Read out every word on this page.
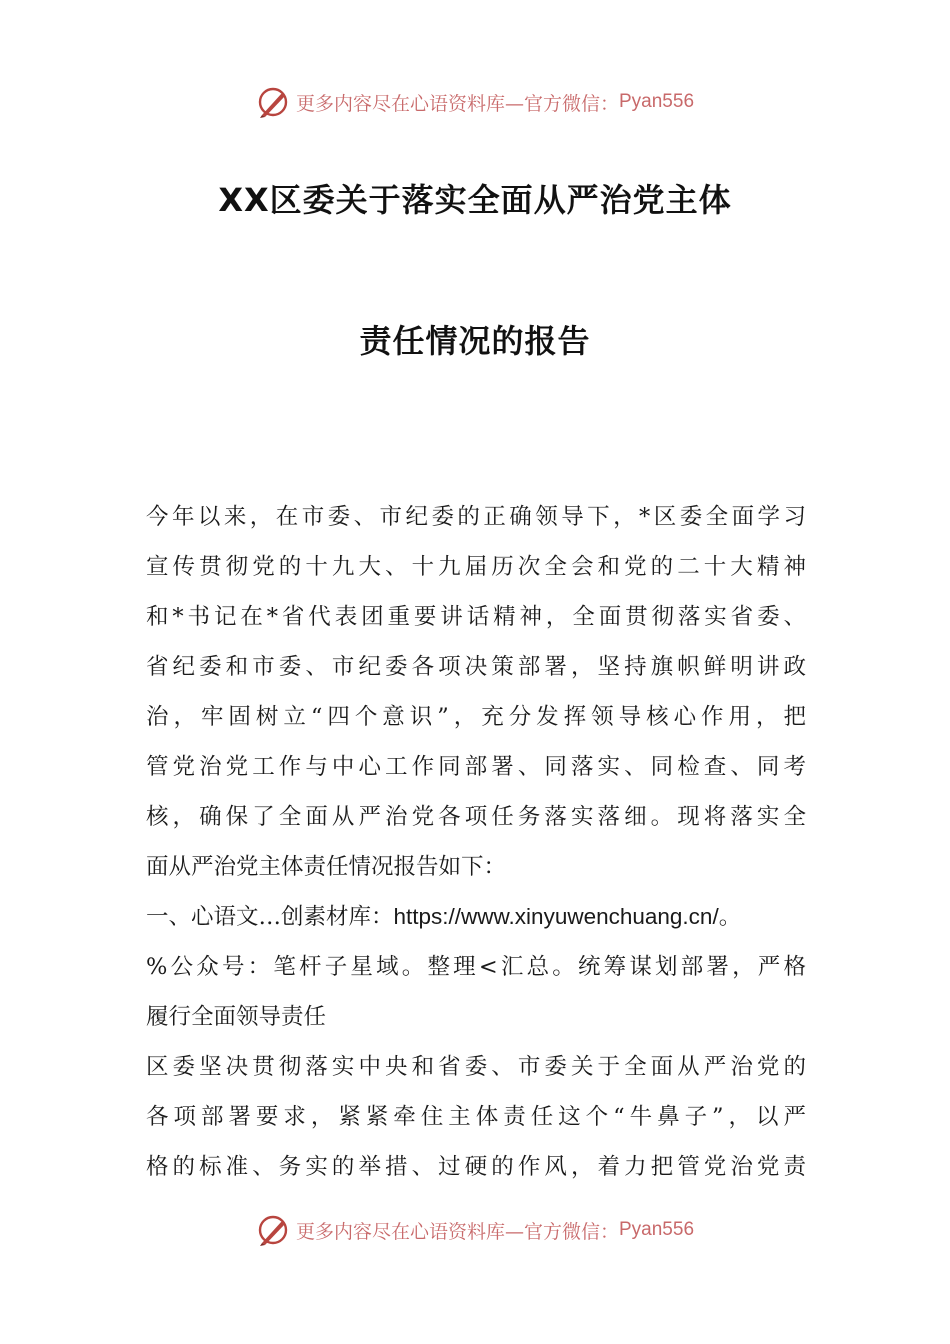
更多内容尽在心语资料库—官方微信： Pyan556
XX区委关于落实全面从严治党主体
责任情况的报告
今年以来，在市委、市纪委的正确领导下，*区委全面学习
宣传贯彻党的十九大、十九届历次全会和党的二十大精神
和*书记在*省代表团重要讲话精神，全面贯彻落实省委、
省纪委和市委、市纪委各项决策部署，坚持旗帜鲜明讲政
治，牢固树立“四个意识”，充分发挥领导核心作用，把
管党治党工作与中心工作同部署、同落实、同检查、同考
核，确保了全面从严治党各项任务落实落细。现将落实全
面从严治党主体责任情况报告如下：
一、心语文…创素材库：https://www.xinyuwenchuang.cn/。
%公众号：笔杆子星域。整理<汇总。统筹谋划部署，严格
履行全面领导责任
区委坚决贯彻落实中央和省委、市委关于全面从严治党的
各项部署要求，紧紧牵住主体责任这个“牛鼻子”，以严
格的标准、务实的举措、过硬的作风，着力把管党治党责
更多内容尽在心语资料库—官方微信： Pyan556
